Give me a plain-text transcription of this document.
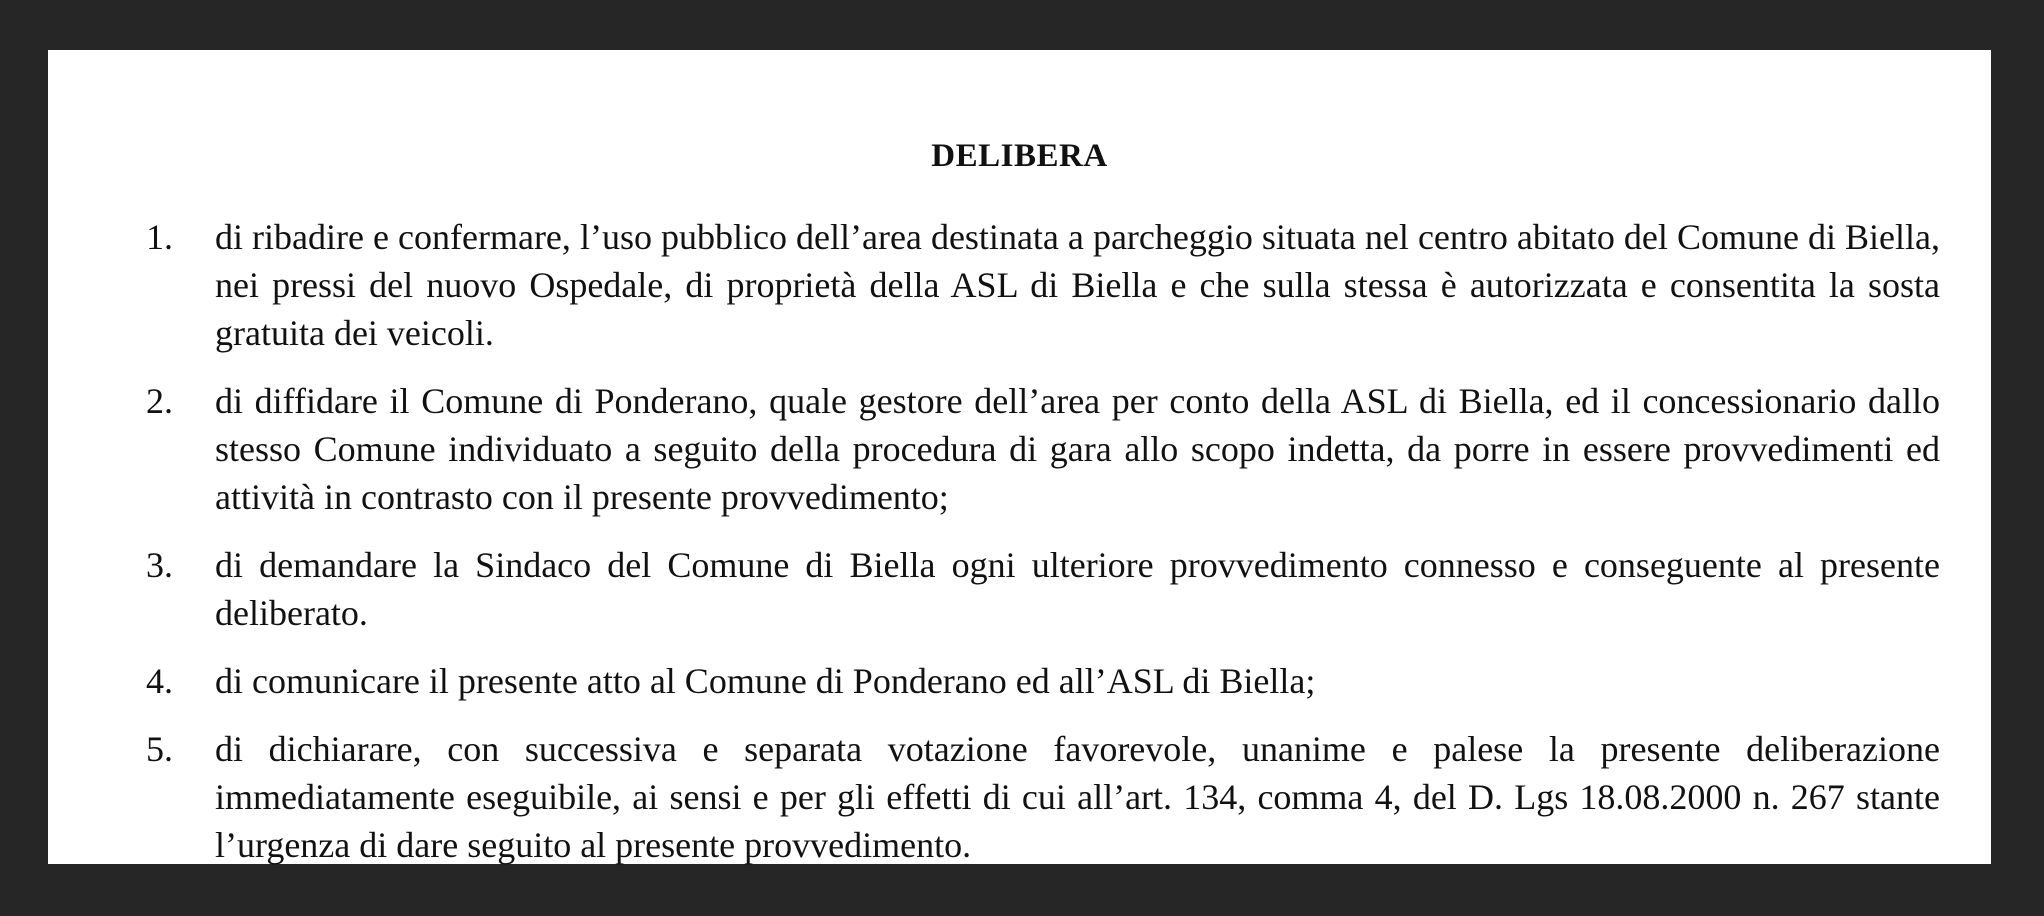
DELIBERA
1.	di ribadire e confermare, l’uso pubblico dell’area destinata a parcheggio situata nel centro abitato del Comune di Biella, nei pressi del nuovo Ospedale, di proprietà della ASL di Biella e che sulla stessa è autorizzata e consentita la sosta gratuita dei veicoli.
2.	di diffidare il Comune di Ponderano, quale gestore dell’area per conto della ASL di Biella, ed il concessionario dallo stesso Comune individuato a seguito della procedura di gara allo scopo indetta, da porre in essere provvedimenti ed attività in contrasto con il presente provvedimento;
3.	di demandare la Sindaco del Comune di Biella ogni ulteriore provvedimento connesso e conseguente al presente deliberato.
4.	di comunicare il presente atto al Comune di Ponderano ed all’ASL di Biella;
5.	di dichiarare, con successiva e separata votazione favorevole, unanime e palese la presente deliberazione immediatamente eseguibile, ai sensi e per gli effetti di cui all’art. 134, comma 4, del D. Lgs 18.08.2000 n. 267 stante l’urgenza di dare seguito al presente provvedimento.
